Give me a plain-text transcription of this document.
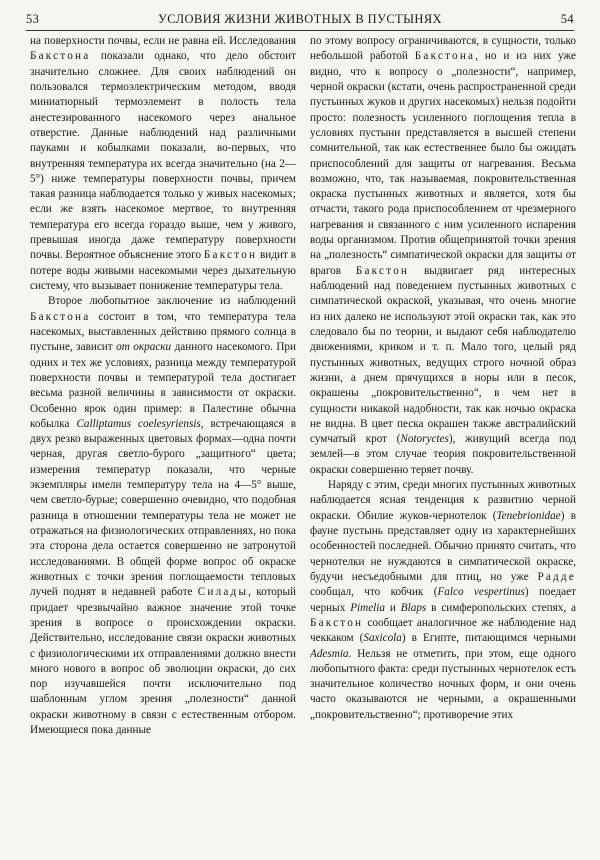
53	УСЛОВИЯ ЖИЗНИ ЖИВОТНЫХ В ПУСТЫНЯХ	54

на поверхности почвы, если не равна ей. Исследования Бакстона показали однако, что дело обстоит значительно сложнее. Для своих наблюдений он пользовался термоэлектрическим методом, вводя миниатюрный термоэлемент в полость тела анестезированного насекомого через анальное отверстие. Данные наблюдений над различными пауками и кобылками показали, во-первых, что внутренняя температура их всегда значительно (на 2—5°) ниже температуры поверхности почвы, причем такая разница наблюдается только у живых насекомых; если же взять насекомое мертвое, то внутренняя температура его всегда гораздо выше, чем у живого, превышая иногда даже температуру поверхности почвы. Вероятное объяснение этого Бакстон видит в потере воды живыми насекомыми через дыхательную систему, что вызывает понижение температуры тела.

Второе любопытное заключение из наблюдений Бакстона состоит в том, что температура тела насекомых, выставленных действию прямого солнца в пустыне, зависит от окраски данного насекомого. При одних и тех же условиях, разница между температурой поверхности почвы и температурой тела достигает весьма разной величины в зависимости от окраски. Особенно ярок один пример: в Палестине обычна кобылка Calliptamus coelesyriensis, встречающаяся в двух резко выраженных цветовых формах—одна почти черная, другая светло-бурого „защитного“ цвета; измерения температур показали, что черные экземпляры имели температуру тела на 4—5° выше, чем светло-бурые; совершенно очевидно, что подобная разница в отношении температуры тела не может не отражаться на физиологических отправлениях, но пока эта сторона дела остается совершенно не затронутой исследованиями. В общей форме вопрос об окраске животных с точки зрения поглощаемости тепловых лучей поднят в недавней работе Силады, который придает чрезвычайно важное значение этой точке зрения в вопросе о происхождении окраски. Действительно, исследование связи окраски животных с физиологическими их отправлениями должно внести много нового в вопрос об эволюции окраски, до сих пор изучавшейся почти исключительно под шаблонным углом зрения „полезности“ данной окраски животному в связи с естественным отбором. Имеющиеся пока данные

по этому вопросу ограничиваются, в сущности, только небольшой работой Бакстона, но и из них уже видно, что к вопросу о „полезности“, например, черной окраски (кстати, очень распространенной среди пустынных жуков и других насекомых) нельзя подойти просто: полезность усиленного поглощения тепла в условиях пустыни представляется в высшей степени сомнительной, так как естественнее было бы ожидать приспособлений для защиты от нагревания. Весьма возможно, что, так называемая, покровительственная окраска пустынных животных и является, хотя бы отчасти, такого рода приспособлением от чрезмерного нагревания и связанного с ним усиленного испарения воды организмом. Против общепринятой точки зрения на „полезность“ симпатической окраски для защиты от врагов Бакстон выдвигает ряд интересных наблюдений над поведением пустынных животных с симпатической окраской, указывая, что очень многие из них далеко не используют этой окраски так, как это следовало бы по теории, и выдают себя наблюдателю движениями, криком и т. п. Мало того, целый ряд пустынных животных, ведущих строго ночной образ жизни, а днем прячущихся в норы или в песок, окрашены „покровительственно“, в чем нет в сущности никакой надобности, так как ночью окраска не видна. В цвет песка окрашен также австралийский сумчатый крот (Notoryctes), живущий всегда под землей—в этом случае теория покровительственной окраски совершенно теряет почву.

Наряду с этим, среди многих пустынных животных наблюдается ясная тенденция к развитию черной окраски. Обилие жуков-чернотелок (Tenebrionidae) в фауне пустынь представляет одну из характернейших особенностей последней. Обычно принято считать, что чернотелки не нуждаются в симпатической окраске, будучи несъедобными для птиц, но уже Радде сообщал, что кобчик (Falco vespertinus) поедает черных Pimelia и Blaps в симферопольских степях, а Бакстон сообщает аналогичное же наблюдение над чеккаком (Saxicola) в Египте, питающимся черными Adesmia. Нельзя не отметить, при этом, еще одного любопытного факта: среди пустынных чернотелок есть значительное количество ночных форм, и они очень часто оказываются не черными, а окрашенными „покровительственно“; противоречие этих
